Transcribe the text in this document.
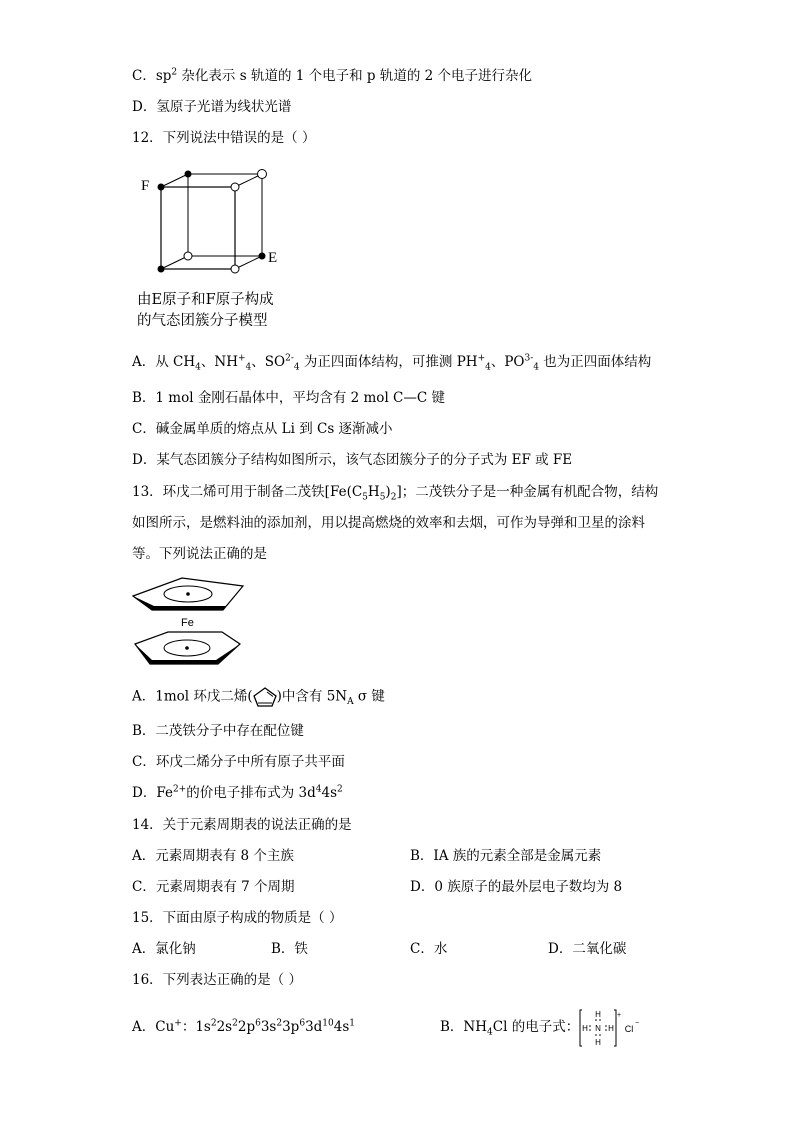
C．$sp^2$ 杂化表示 s 轨道的 1 个电子和 p 轨道的 2 个电子进行杂化
D．氢原子光谱为线状光谱
12．下列说法中错误的是（ ）
F
E
由E原子和F原子构成
的气态团簇分子模型
A．从 $CH_4$、$NH^+_4$、$SO^{2-}_4$ 为正四面体结构，可推测 $PH^+_4$、$PO^{3-}_4$ 也为正四面体结构
B．1 mol 金刚石晶体中，平均含有 2 mol C—C 键
C．碱金属单质的熔点从 Li 到 Cs 逐渐减小
D．某气态团簇分子结构如图所示，该气态团簇分子的分子式为 EF 或 FE
13．环戊二烯可用于制备二茂铁$[Fe(C_5H_5)_2]$；二茂铁分子是一种金属有机配合物，结构
如图所示，是燃料油的添加剂，用以提高燃烧的效率和去烟，可作为导弹和卫星的涂料
等。下列说法正确的是
Fe
A．1mol 环戊二烯( )中含有 $5N_A$ σ 键
B．二茂铁分子中存在配位键
C．环戊二烯分子中所有原子共平面
D．$Fe^{2+}$的价电子排布式为 $3d^44s^2$
14．关于元素周期表的说法正确的是
A．元素周期表有 8 个主族	B．ⅠA 族的元素全部是金属元素
C．元素周期表有 7 个周期	D．0 族原子的最外层电子数均为 8
15．下面由原子构成的物质是（ ）
A．氯化钠	B．铁	C．水	D．二氧化碳
16．下列表达正确的是（ ）
A．Cu+：$1s^22s^22p^63s^23p^63d^{10}4s^1$	B．$NH_4Cl$ 的电子式：
H
H N H
H
+
Cl
−
